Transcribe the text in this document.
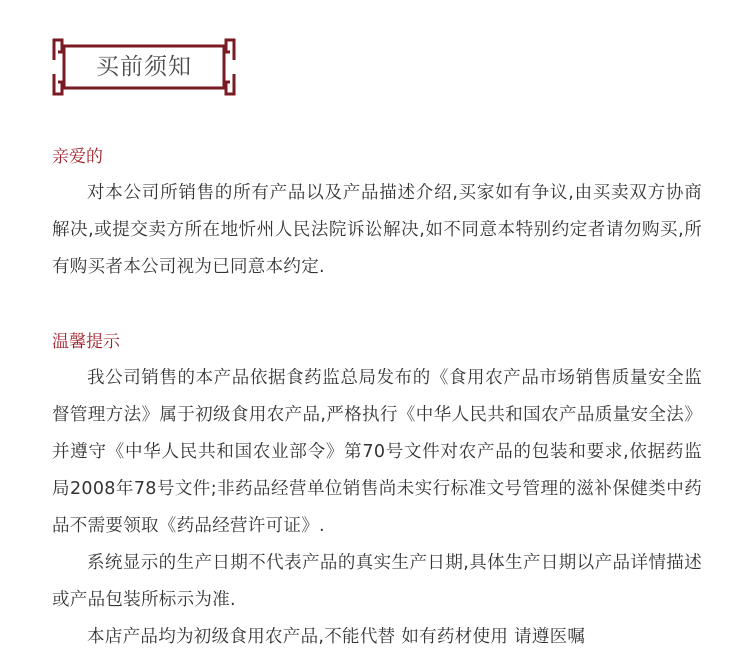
买前须知
亲爱的

对本公司所销售的所有产品以及产品描述介绍,买家如有争议,由买卖双方协商解决,或提交卖方所在地忻州人民法院诉讼解决,如不同意本特别约定者请勿购买,所有购买者本公司视为已同意本约定.

温馨提示

我公司销售的本产品依据食药监总局发布的《食用农产品市场销售质量安全监督管理方法》属于初级食用农产品,严格执行《中华人民共和国农产品质量安全法》并遵守《中华人民共和国农业部令》第70号文件对农产品的包装和要求,依据药监局2008年78号文件;非药品经营单位销售尚未实行标准文号管理的滋补保健类中药品不需要领取《药品经营许可证》.

系统显示的生产日期不代表产品的真实生产日期,具体生产日期以产品详情描述或产品包装所标示为准.

本店产品均为初级食用农产品,不能代替 如有药材使用 请遵医嘱
